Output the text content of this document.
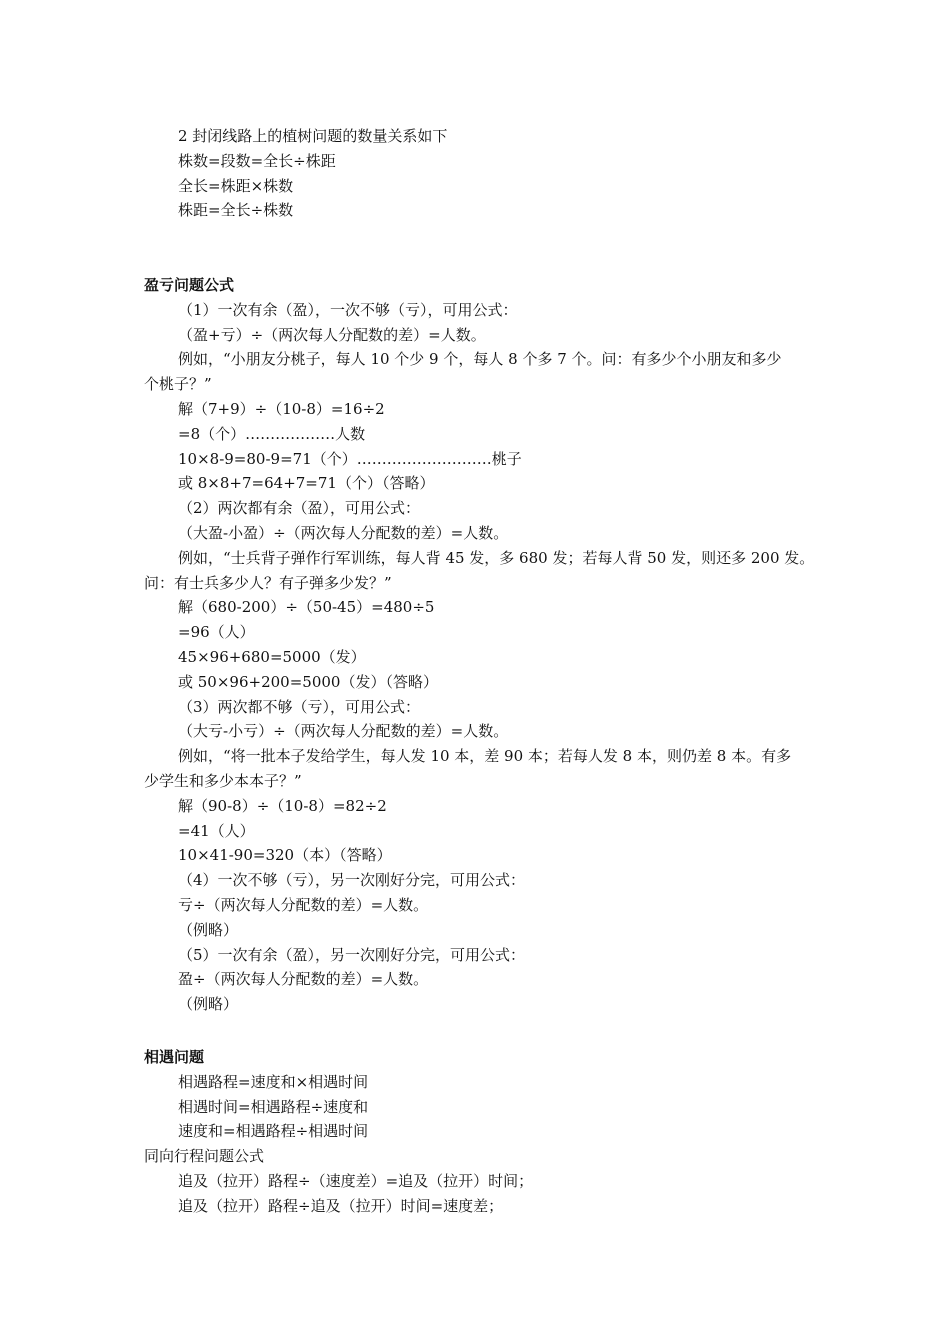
2 封闭线路上的植树问题的数量关系如下
株数=段数=全长÷株距
全长=株距×株数
株距=全长÷株数
盈亏问题公式
（1）一次有余（盈），一次不够（亏），可用公式：
（盈+亏）÷（两次每人分配数的差）=人数。
例如，“小朋友分桃子，每人 10 个少 9 个，每人 8 个多 7 个。问：有多少个小朋友和多少
个桃子？”
解（7+9）÷（10-8）=16÷2
=8（个）………………人数
10×8-9=80-9=71（个）………………………桃子
或 8×8+7=64+7=71（个）（答略）
（2）两次都有余（盈），可用公式：
（大盈-小盈）÷（两次每人分配数的差）=人数。
例如，“士兵背子弹作行军训练，每人背 45 发，多 680 发；若每人背 50 发，则还多 200 发。
问：有士兵多少人？有子弹多少发？”
解（680-200）÷（50-45）=480÷5
=96（人）
45×96+680=5000（发）
或 50×96+200=5000（发）（答略）
（3）两次都不够（亏），可用公式：
（大亏-小亏）÷（两次每人分配数的差）=人数。
例如，“将一批本子发给学生，每人发 10 本，差 90 本；若每人发 8 本，则仍差 8 本。有多
少学生和多少本本子？”
解（90-8）÷（10-8）=82÷2
=41（人）
10×41-90=320（本）（答略）
（4）一次不够（亏），另一次刚好分完，可用公式：
亏÷（两次每人分配数的差）=人数。
（例略）
（5）一次有余（盈），另一次刚好分完，可用公式：
盈÷（两次每人分配数的差）=人数。
（例略）
相遇问题
相遇路程=速度和×相遇时间
相遇时间=相遇路程÷速度和
速度和=相遇路程÷相遇时间
同向行程问题公式
追及（拉开）路程÷（速度差）=追及（拉开）时间；
追及（拉开）路程÷追及（拉开）时间=速度差；
